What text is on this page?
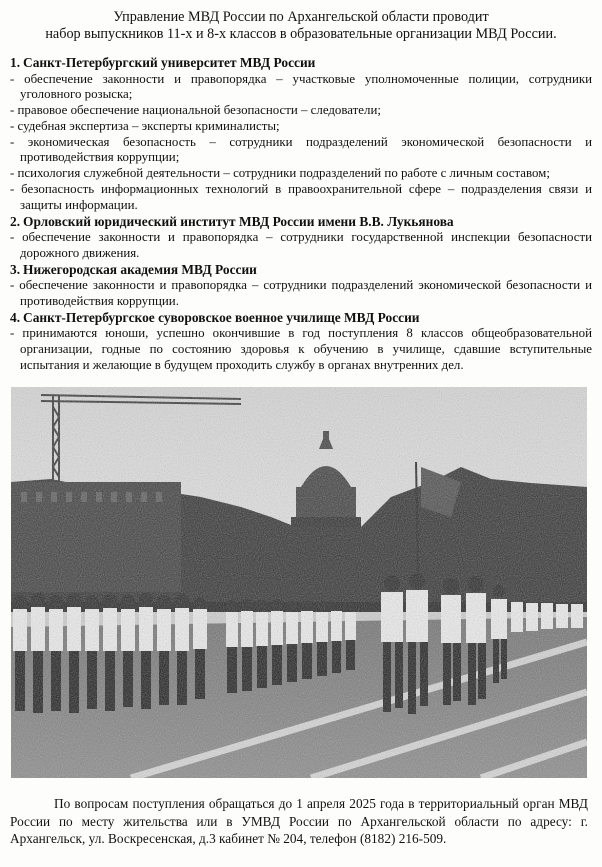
Управление МВД России по Архангельской области проводит
набор выпускников 11-х и 8-х классов в образовательные организации МВД России.

1. Санкт-Петербургский университет МВД России

- обеспечение законности и правопорядка – участковые уполномоченные полиции, сотрудники уголовного розыска;

- правовое обеспечение национальной безопасности – следователи;

- судебная экспертиза – эксперты криминалисты;

- экономическая безопасность – сотрудники подразделений экономической безопасности и противодействия коррупции;

- психология служебной деятельности – сотрудники подразделений по работе с личным составом;

- безопасность информационных технологий в правоохранительной сфере – подразделения связи и защиты информации.

2. Орловский юридический институт МВД России имени В.В. Лукьянова

- обеспечение законности и правопорядка – сотрудники государственной инспекции безопасности дорожного движения.

3. Нижегородская академия МВД России

- обеспечение законности и правопорядка – сотрудники подразделений экономической безопасности и противодействия коррупции.

4. Санкт-Петербургское суворовское военное училище МВД России

- принимаются юноши, успешно окончившие в год поступления 8 классов общеобразовательной организации, годные по состоянию здоровья к обучению в училище, сдавшие вступительные испытания и желающие в будущем проходить службу в органах внутренних дел.

По вопросам поступления обращаться до 1 апреля 2025 года в территориальный орган МВД России по месту жительства или в УМВД России по Архангельской области по адресу: г. Архангельск, ул. Воскресенская, д.3 кабинет № 204, телефон (8182) 216-509.
